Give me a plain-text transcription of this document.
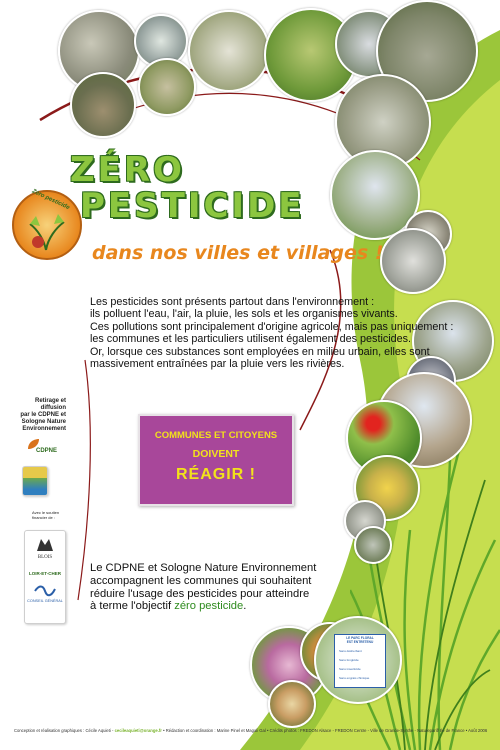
LE PARC FLORAL
EST ENTRETENU
Sans désherbant
Sans fongicide
Sans insecticide
Sans engrais chimique
Zéro pesticide
ZÉRO
PESTICIDE
dans nos villes et villages !

Les pesticides sont présents partout dans l'environnement :

ils polluent l'eau, l'air, la pluie, les sols et les organismes vivants.

Ces pollutions sont principalement d'origine agricole, mais pas uniquement :

les communes et les particuliers utilisent également des pesticides.

Or, lorsque ces substances sont employées en milieu urbain, elles sont

massivement entraînées par la pluie vers les rivières.

Retirage et diffusion
par le CDPNE et
Sologne Nature
Environnement
CDPNE
Avec le soutien
financier de :
BLOIS
LOIR-ET-CHER
CONSEIL GÉNÉRAL
COMMUNES ET CITOYENS
DOIVENT
RÉAGIR !

Le CDPNE et Sologne Nature Environnement

accompagnent les communes qui souhaitent

réduire l'usage des pesticides pour atteindre

à terme l'objectif zéro pesticide.

Conception et réalisation graphiques : Cécile Aquieti - cecileaquieti@orange.fr • Rédaction et coordination : Marine Pinel et Magali Gal • Crédits photos : FREDON Alsace - FREDON Centre - Ville de Grande-Synthe - Natureparif/ Ile de France • Août 2006
